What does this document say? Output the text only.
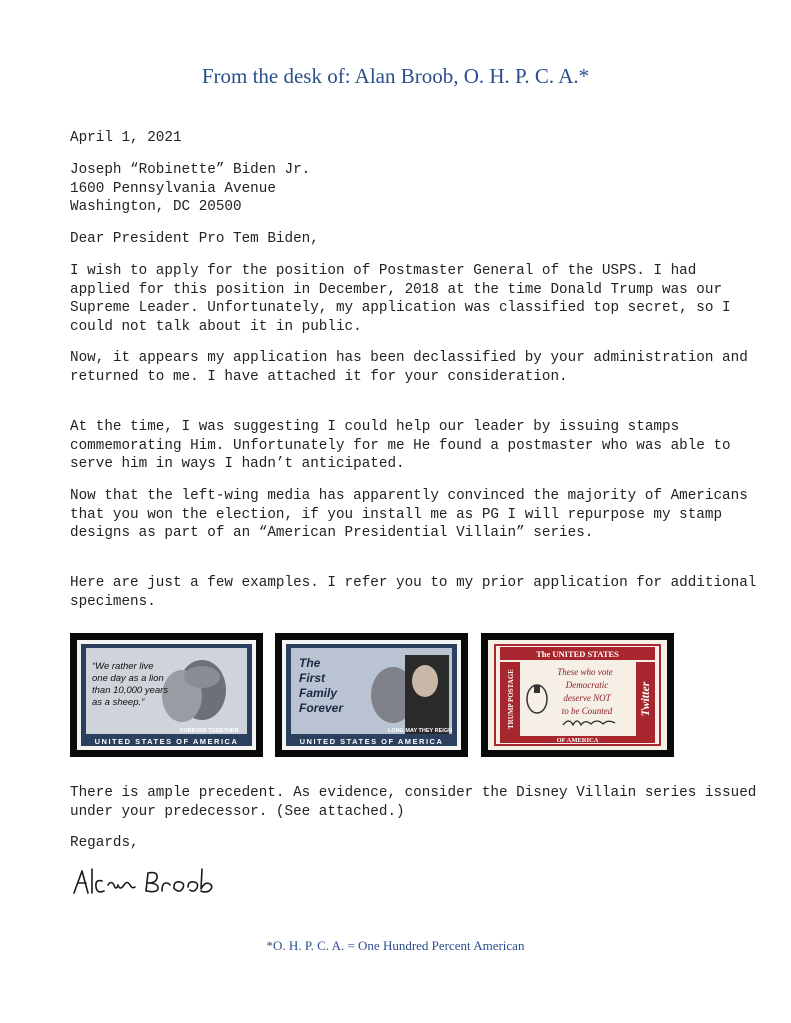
From the desk of: Alan Broob, O. H. P. C. A.*
April 1, 2021
Joseph “Robinette” Biden Jr.
1600 Pennsylvania Avenue
Washington, DC 20500
Dear President Pro Tem Biden,
I wish to apply for the position of Postmaster General of the USPS. I had applied for this position in December, 2018 at the time Donald Trump was our Supreme Leader. Unfortunately, my application was classified top secret, so I could not talk about it in public.
Now, it appears my application has been declassified by your administration and returned to me. I have attached it for your consideration.
At the time, I was suggesting I could help our leader by issuing stamps commemorating Him. Unfortunately for me He found a postmaster who was able to serve him in ways I hadn’t anticipated.
Now that the left-wing media has apparently convinced the majority of Americans that you won the election, if you install me as PG I will repurpose my stamp designs as part of an “American Presidential Villain” series.
Here are just a few examples. I refer you to my prior application for additional specimens.
“We rather live
one day as a lion
than 10,000 years
as a sheep.”
FOREVER TOGETHER
UNITED STATES OF AMERICA
The
First
Family
Forever
LONG MAY THEY REIGN
UNITED STATES OF AMERICA
The UNITED STATES
TRUMP POSTAGE	Twitter
These who vote
Democratic
deserve NOT
to be Counted
OF AMERICA
There is ample precedent. As evidence, consider the Disney Villain series issued under your predecessor. (See attached.)
Regards,
*O. H. P. C. A. = One Hundred Percent American
